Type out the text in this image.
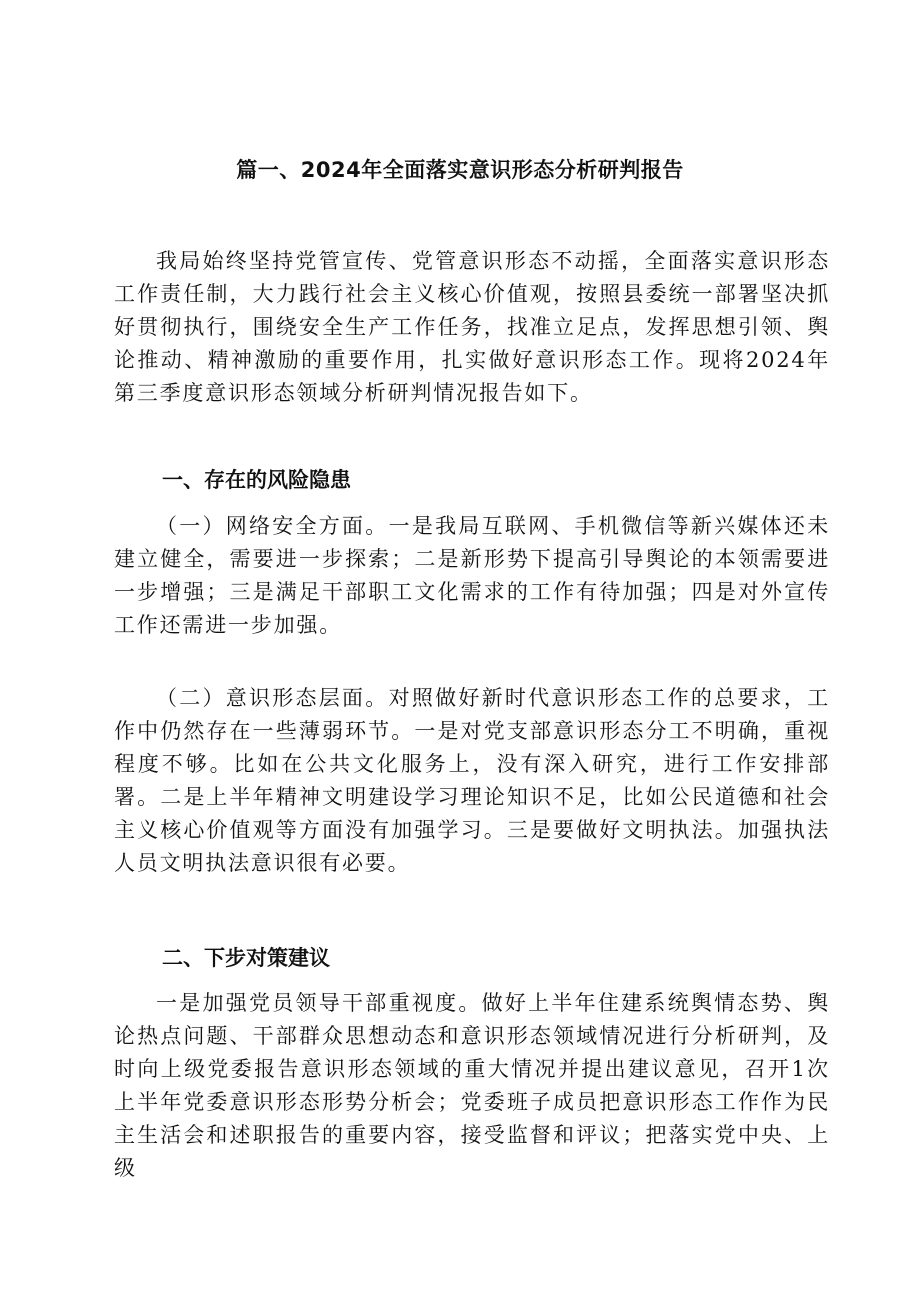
篇一、2024年全面落实意识形态分析研判报告

我局始终坚持党管宣传、党管意识形态不动摇，全面落实意识形态工作责任制，大力践行社会主义核心价值观，按照县委统一部署坚决抓好贯彻执行，围绕安全生产工作任务，找准立足点，发挥思想引领、舆论推动、精神激励的重要作用，扎实做好意识形态工作。现将2024年第三季度意识形态领域分析研判情况报告如下。

一、存在的风险隐患

（一）网络安全方面。一是我局互联网、手机微信等新兴媒体还未建立健全，需要进一步探索；二是新形势下提高引导舆论的本领需要进一步增强；三是满足干部职工文化需求的工作有待加强；四是对外宣传工作还需进一步加强。

（二）意识形态层面。对照做好新时代意识形态工作的总要求，工作中仍然存在一些薄弱环节。一是对党支部意识形态分工不明确，重视程度不够。比如在公共文化服务上，没有深入研究，进行工作安排部署。二是上半年精神文明建设学习理论知识不足，比如公民道德和社会主义核心价值观等方面没有加强学习。三是要做好文明执法。加强执法人员文明执法意识很有必要。

二、下步对策建议

一是加强党员领导干部重视度。做好上半年住建系统舆情态势、舆论热点问题、干部群众思想动态和意识形态领域情况进行分析研判，及时向上级党委报告意识形态领域的重大情况并提出建议意见，召开1次上半年党委意识形态形势分析会；党委班子成员把意识形态工作作为民主生活会和述职报告的重要内容，接受监督和评议；把落实党中央、上级
